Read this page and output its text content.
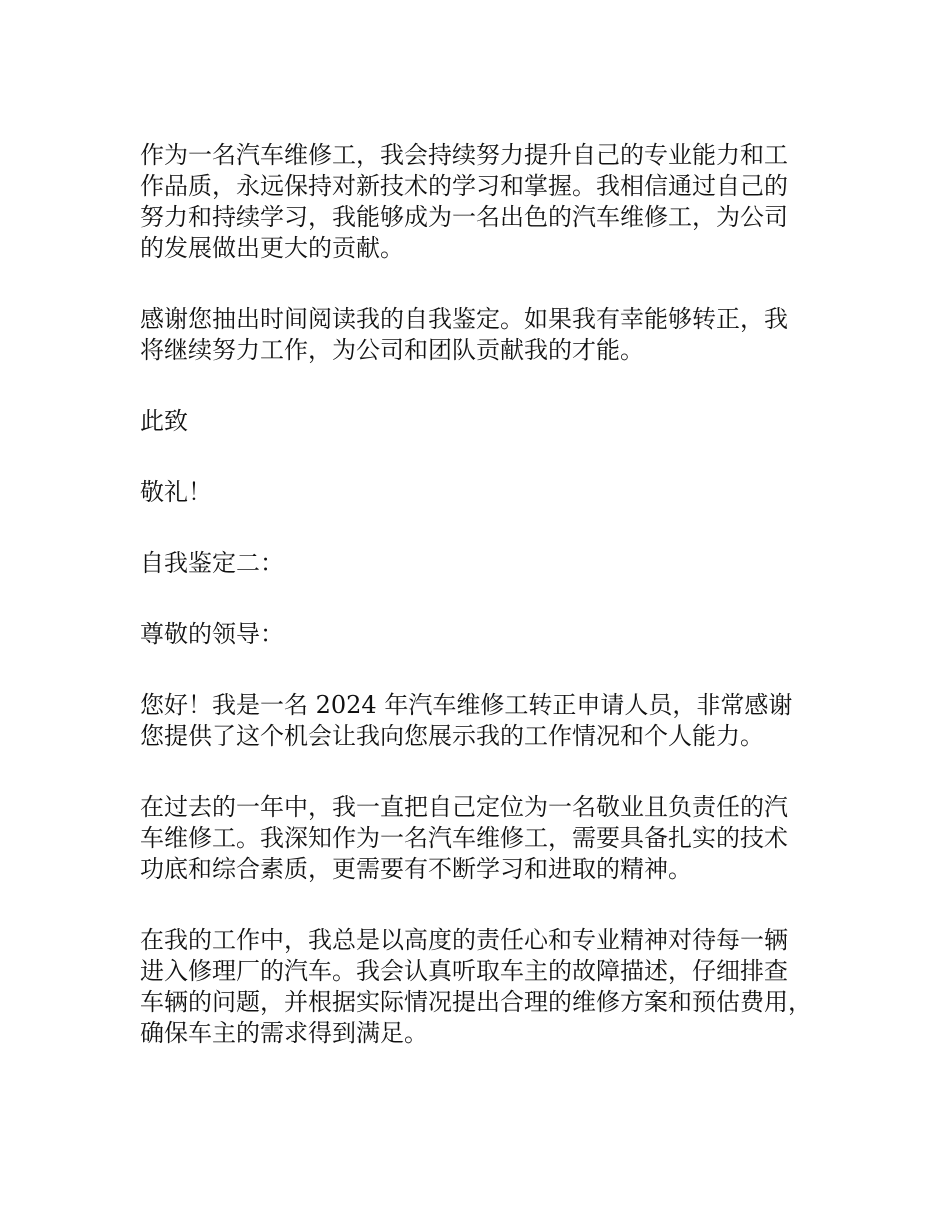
作为一名汽车维修工，我会持续努力提升自己的专业能力和工
作品质，永远保持对新技术的学习和掌握。我相信通过自己的
努力和持续学习，我能够成为一名出色的汽车维修工，为公司
的发展做出更大的贡献。

感谢您抽出时间阅读我的自我鉴定。如果我有幸能够转正，我
将继续努力工作，为公司和团队贡献我的才能。

此致

敬礼！

自我鉴定二：

尊敬的领导：

您好！我是一名 2024 年汽车维修工转正申请人员，非常感谢
您提供了这个机会让我向您展示我的工作情况和个人能力。

在过去的一年中，我一直把自己定位为一名敬业且负责任的汽
车维修工。我深知作为一名汽车维修工，需要具备扎实的技术
功底和综合素质，更需要有不断学习和进取的精神。

在我的工作中，我总是以高度的责任心和专业精神对待每一辆
进入修理厂的汽车。我会认真听取车主的故障描述，仔细排查
车辆的问题，并根据实际情况提出合理的维修方案和预估费用，
确保车主的需求得到满足。
